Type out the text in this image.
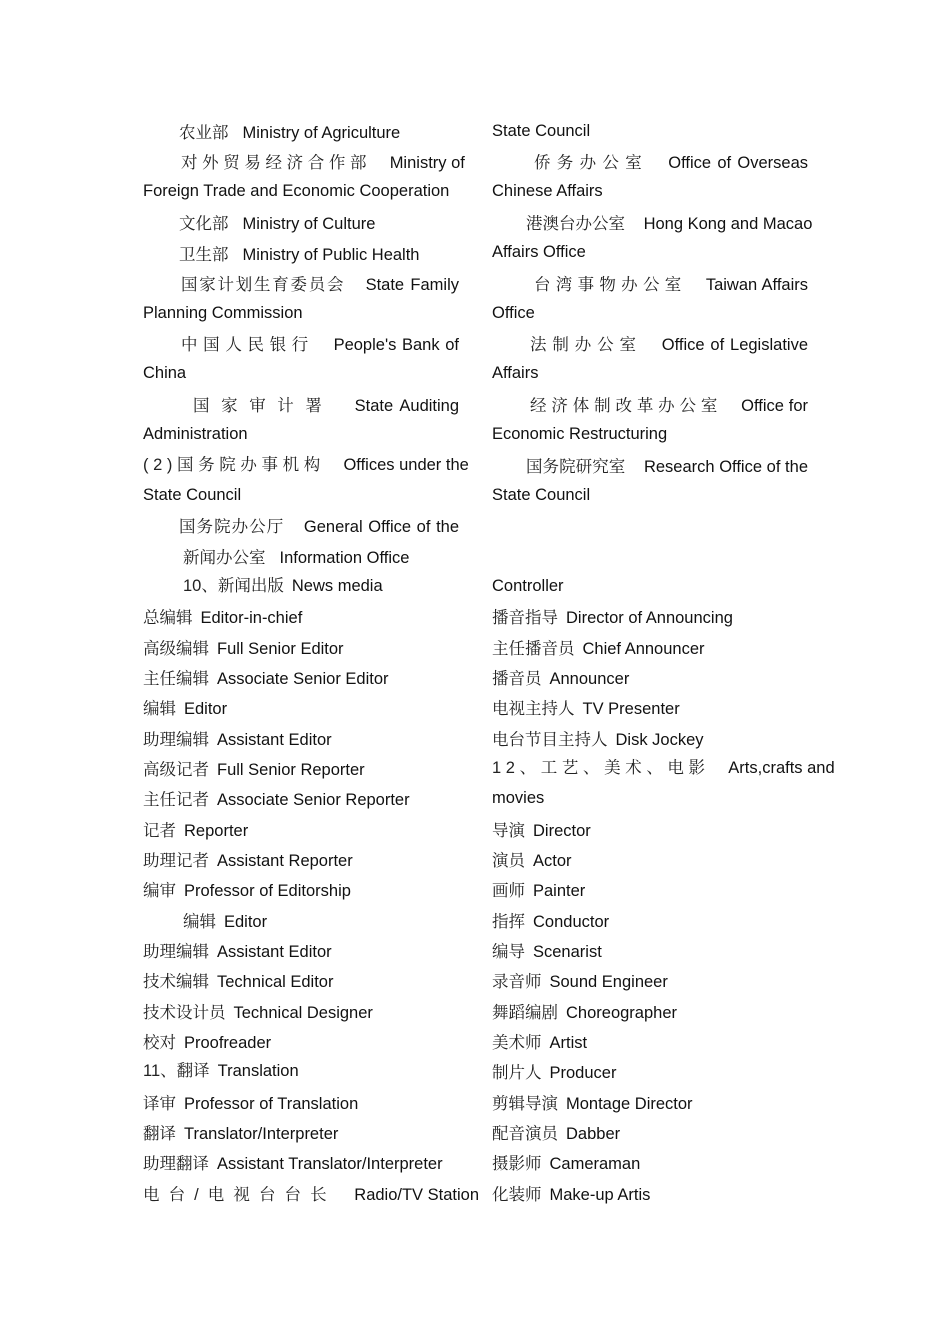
农业部 Ministry of Agriculture
对外贸易经济合作部 Ministry of
Foreign Trade and Economic Cooperation
文化部 Ministry of Culture
卫生部 Ministry of Public Health
国家计划生育委员会 State Family
Planning Commission
中国人民银行 People's Bank of
China
国家审计署 State Auditing
Administration
(2)国务院办事机构 Offices under the
State Council
国务院办公厅 General Office of the
新闻办公室 Information Office
10、新闻出版 News media
总编辑 Editor-in-chief
高级编辑 Full Senior Editor
主任编辑 Associate Senior Editor
编辑 Editor
助理编辑 Assistant Editor
高级记者 Full Senior Reporter
主任记者 Associate Senior Reporter
记者 Reporter
助理记者 Assistant Reporter
编审 Professor of Editorship
编辑 Editor
助理编辑 Assistant Editor
技术编辑 Technical Editor
技术设计员 Technical Designer
校对 Proofreader
11、翻译 Translation
译审 Professor of Translation
翻译 Translator/Interpreter
助理翻译 Assistant Translator/Interpreter
电台/电视台台长 Radio/TV Station
State Council
侨务办公室 Office of Overseas
Chinese Affairs
港澳台办公室 Hong Kong and Macao
Affairs Office
台湾事物办公室 Taiwan Affairs
Office
法制办公室 Office of Legislative
Affairs
经济体制改革办公室 Office for
Economic Restructuring
国务院研究室 Research Office of the
State Council
Controller
播音指导 Director of Announcing
主任播音员 Chief Announcer
播音员 Announcer
电视主持人 TV Presenter
电台节目主持人 Disk Jockey
12、工艺、美术、电影 Arts,crafts and
movies
导演 Director
演员 Actor
画师 Painter
指挥 Conductor
编导 Scenarist
录音师 Sound Engineer
舞蹈编剧 Choreographer
美术师 Artist
制片人 Producer
剪辑导演 Montage Director
配音演员 Dabber
摄影师 Cameraman
化装师 Make-up Artis
